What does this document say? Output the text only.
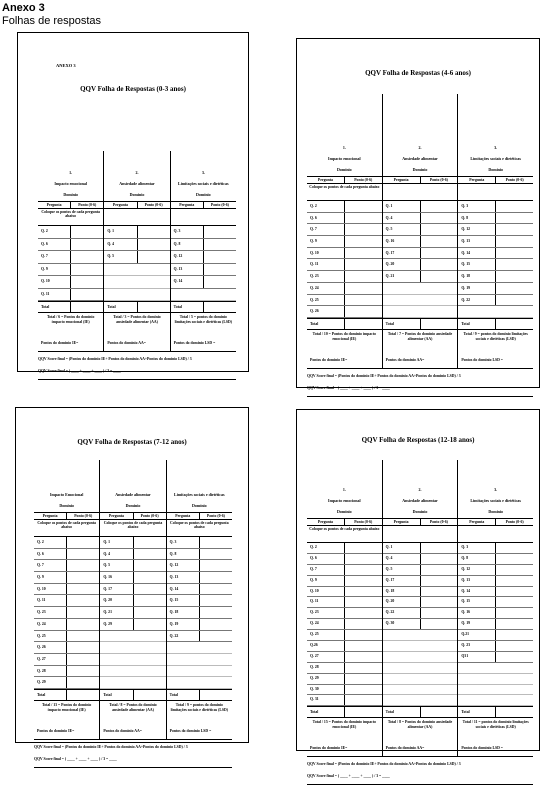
Anexo 3
Folhas de respostas
ANEXO 3
QQV Folha de Respostas (0-3 anos)
1.
Impacto emocional
Domínio
Pergunta	Ponto (0-6)
Coloque os pontos de cada pergunta abaixo
Q. 2
Q. 6
Q. 7
Q. 9
Q. 10
Q. 11
Total
Total / 6 = Pontos do domínio impacto emocional (IE)
Pontos do domínio IE=
2.
Ansiedade alimentar
Domínio
Pergunta	Ponto (0-6)
Q. 1
Q. 4
Q. 5
Total
Total / 3 = Pontos do domínio ansiedade alimentar (AA)
Pontos do domínio AA=
3.
Limitações sociais e dietéticas
Domínio
Pergunta	Ponto (0-6)
Q. 3
Q. 8
Q. 12
Q. 13
Q. 14
Total
Total / 5 = pontos do domínio limitações sociais e dietéticas (LSD)
Pontos do domínio LSD =
QQV Score final = (Pontos do domínio IE+ Pontos do domínio AA+Pontos do domínio LSD) / 3
QQV Score final = ( ____ + ____ + ____ ) / 3 = ____
QQV Folha de Respostas (4-6 anos)
1.
Impacto emocional
Domínio
Pergunta	Ponto (0-6)
Coloque os pontos de cada pergunta abaixo
Q. 2
Q. 6
Q. 7
Q. 9
Q. 10
Q. 11
Q. 23
Q. 24
Q. 25
Q. 26
Total
Total / 10 = Pontos do domínio impacto emocional (IE)
Pontos do domínio IE=
2.
Ansiedade alimentar
Domínio
Pergunta	Ponto (0-6)
Q. 1
Q. 4
Q. 5
Q. 16
Q. 17
Q. 20
Q. 21
Total
Total / 7 = Pontos do domínio ansiedade alimentar (AA)
Pontos do domínio AA=
3.
Limitações sociais e dietéticas
Domínio
Pergunta	Ponto (0-6)
Q. 3
Q. 8
Q. 12
Q. 13
Q. 14
Q. 15
Q. 18
Q. 19
Q. 22
Total
Total / 9 = pontos do domínio limitações sociais e dietéticas (LSD)
Pontos do domínio LSD =
QQV Score final = (Pontos do domínio IE+ Pontos do domínio AA+Pontos do domínio LSD) / 3
QQV Score final = ( ____ + ____ + ____ ) / 3 = ____
QQV Folha de Respostas (7-12 anos)
Impacto Emocional
Domínio
Pergunta	Ponto (0-6)
Coloque os pontos de cada pergunta abaixo
Q. 2
Q. 6
Q. 7
Q. 9
Q. 10
Q. 11
Q. 23
Q. 24
Q. 25
Q. 26
Q. 27
Q. 28
Q. 29
Total
Total / 13 = Pontos do domínio impacto emocional (IE)
Pontos do domínio IE=
Ansiedade alimentar
Domínio
Pergunta	Ponto (0-6)
Coloque os pontos de cada pergunta abaixo
Q. 1
Q. 4
Q. 5
Q. 16
Q. 17
Q. 20
Q. 21
Q. 29
Total
Total / 8 = Pontos do domínio ansiedade alimentar (AA)
Pontos do domínio AA=
Limitações sociais e dietéticas
Domínio
Pergunta	Ponto (0-6)
Coloque os pontos de cada pergunta abaixo
Q. 3
Q. 8
Q. 12
Q. 13
Q. 14
Q. 15
Q. 18
Q. 19
Q. 22
Total
Total / 9 = pontos do domínio limitações sociais e dietéticas (LSD)
Pontos do domínio LSD =
QQV Score final = (Pontos do domínio IE+ Pontos do domínio AA+Pontos do domínio LSD) / 3
QQV Score final = ( ____ + ____ + ____ ) / 3 = ____
QQV Folha de Respostas (12-18 anos)
1.
Impacto emocional
Domínio
Pergunta	Ponto (0-6)
Coloque os pontos de cada pergunta abaixo
Q. 2
Q. 6
Q. 7
Q. 9
Q. 10
Q. 11
Q. 23
Q. 24
Q. 25
Q.26
Q. 27
Q. 28
Q. 29
Q. 30
Q. 31
Total
Total / 15 = Pontos do domínio impacto emocional (IE)
Pontos do domínio IE=
2.
Ansiedade alimentar
Domínio
Pergunta	Ponto (0-6)
Q. 1
Q. 4
Q. 5
Q. 17
Q. 18
Q. 20
Q. 22
Q. 30
Total
Total / 8 = Pontos do domínio ansiedade alimentar (AA)
Pontos do domínio AA=
3.
Limitações sociais e dietéticas
Domínio
Pergunta	Ponto (0-6)
Q. 3
Q. 8
Q. 12
Q. 13
Q. 14
Q. 15
Q. 16
Q. 19
Q.21
Q. 23
Q31
Total
Total / 11 = pontos do domínio limitações sociais e dietéticas (LSD)
Pontos do domínio LSD =
QQV Score final = (Pontos do domínio IE+ Pontos do domínio AA+Pontos do domínio LSD) / 3
QQV Score final = ( ____ + ____ + ____ ) / 3 = ____
